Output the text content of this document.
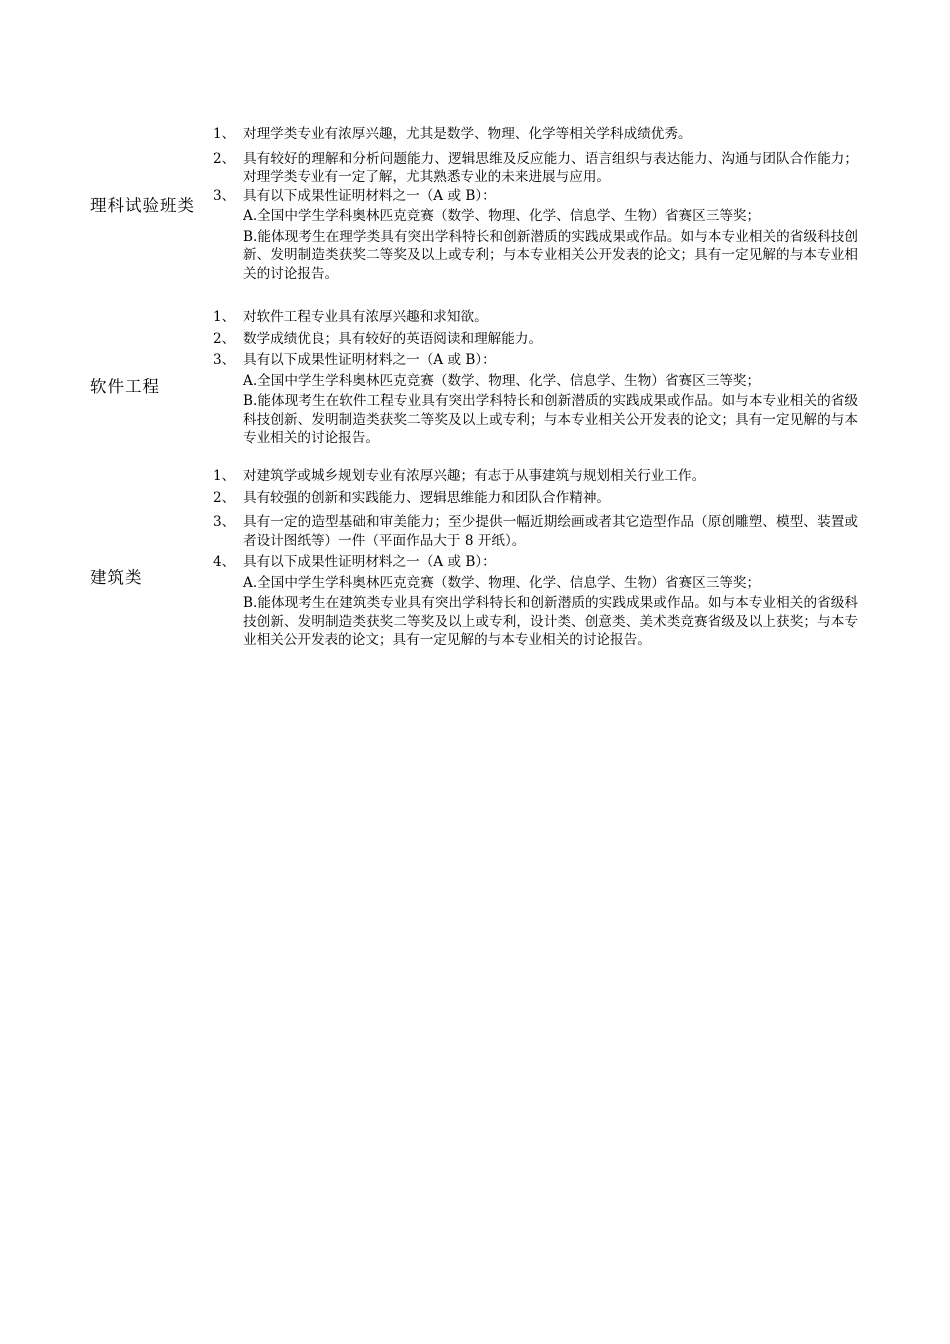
理科试验班类
1、 对理学类专业有浓厚兴趣，尤其是数学、物理、化学等相关学科成绩优秀。
2、 具有较好的理解和分析问题能力、逻辑思维及反应能力、语言组织与表达能力、沟通与团队合作能力；对理学类专业有一定了解，尤其熟悉专业的未来进展与应用。
3、 具有以下成果性证明材料之一（A 或 B）：
A.全国中学生学科奥林匹克竞赛（数学、物理、化学、信息学、生物）省赛区三等奖；
B.能体现考生在理学类具有突出学科特长和创新潜质的实践成果或作品。如与本专业相关的省级科技创新、发明制造类获奖二等奖及以上或专利；与本专业相关公开发表的论文；具有一定见解的与本专业相关的讨论报告。
软件工程
1、 对软件工程专业具有浓厚兴趣和求知欲。
2、 数学成绩优良；具有较好的英语阅读和理解能力。
3、 具有以下成果性证明材料之一（A 或 B）：
A.全国中学生学科奥林匹克竞赛（数学、物理、化学、信息学、生物）省赛区三等奖；
B.能体现考生在软件工程专业具有突出学科特长和创新潜质的实践成果或作品。如与本专业相关的省级科技创新、发明制造类获奖二等奖及以上或专利；与本专业相关公开发表的论文；具有一定见解的与本专业相关的讨论报告。
建筑类
1、 对建筑学或城乡规划专业有浓厚兴趣；有志于从事建筑与规划相关行业工作。
2、 具有较强的创新和实践能力、逻辑思维能力和团队合作精神。
3、 具有一定的造型基础和审美能力；至少提供一幅近期绘画或者其它造型作品（原创雕塑、模型、装置或者设计图纸等）一件（平面作品大于 8 开纸）。
4、 具有以下成果性证明材料之一（A 或 B）：
A.全国中学生学科奥林匹克竞赛（数学、物理、化学、信息学、生物）省赛区三等奖；
B.能体现考生在建筑类专业具有突出学科特长和创新潜质的实践成果或作品。如与本专业相关的省级科技创新、发明制造类获奖二等奖及以上或专利，设计类、创意类、美术类竞赛省级及以上获奖；与本专业相关公开发表的论文；具有一定见解的与本专业相关的讨论报告。
